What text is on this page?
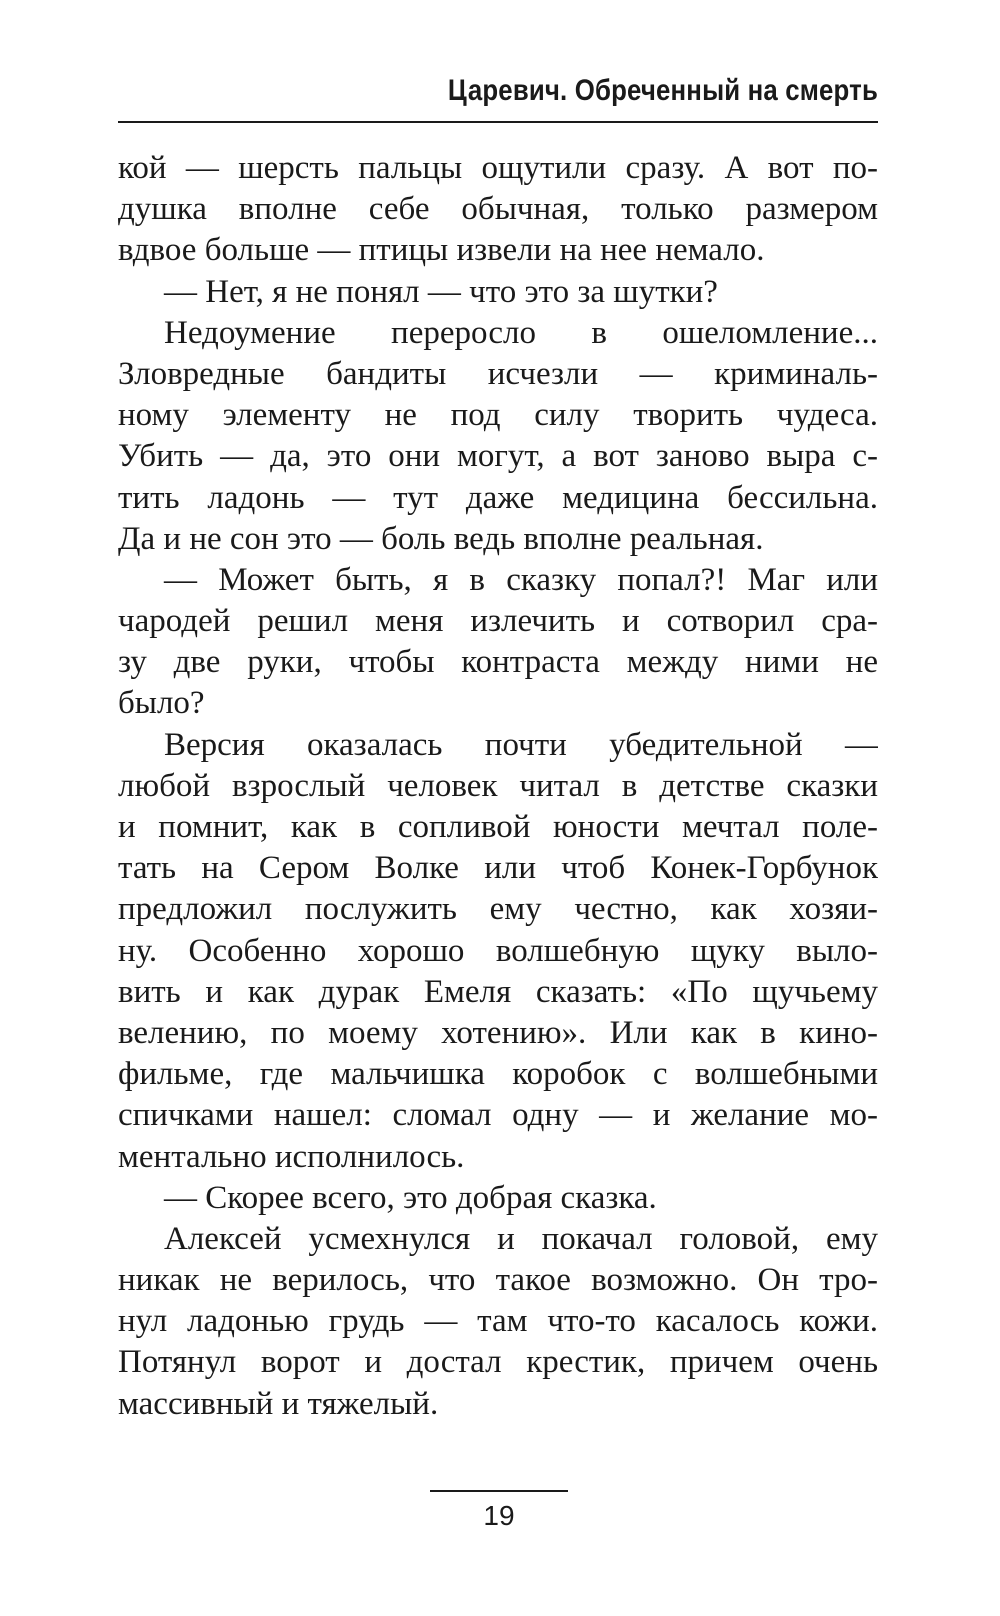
Царевич. Обреченный на смерть
кой — шерсть пальцы ощутили сразу. А вот по-
душка вполне себе обычная, только размером
вдвое больше — птицы извели на нее немало.
— Нет, я не понял — что это за шутки?
Недоумение переросло в ошеломление...
Зловредные бандиты исчезли — криминаль-
ному элементу не под силу творить чудеса.
Убить — да, это они могут, а вот заново выра с-
тить ладонь — тут даже медицина бессильна.
Да и не сон это — боль ведь вполне реальная.
— Может быть, я в сказку попал?! Маг или
чародей решил меня излечить и сотворил сра-
зу две руки, чтобы контраста между ними не
было?
Версия оказалась почти убедительной —
любой взрослый человек читал в детстве сказки
и помнит, как в сопливой юности мечтал поле-
тать на Сером Волке или чтоб Конек-Горбунок
предложил послужить ему честно, как хозяи-
ну. Особенно хорошо волшебную щуку выло-
вить и как дурак Емеля сказать: «По щучьему
велению, по моему хотению». Или как в кино-
фильме, где мальчишка коробок с волшебными
спичками нашел: сломал одну — и желание мо-
ментально исполнилось.
— Скорее всего, это добрая сказка.
Алексей усмехнулся и покачал головой, ему
никак не верилось, что такое возможно. Он тро-
нул ладонью грудь — там что-то касалось кожи.
Потянул ворот и достал крестик, причем очень
массивный и тяжелый.
19
